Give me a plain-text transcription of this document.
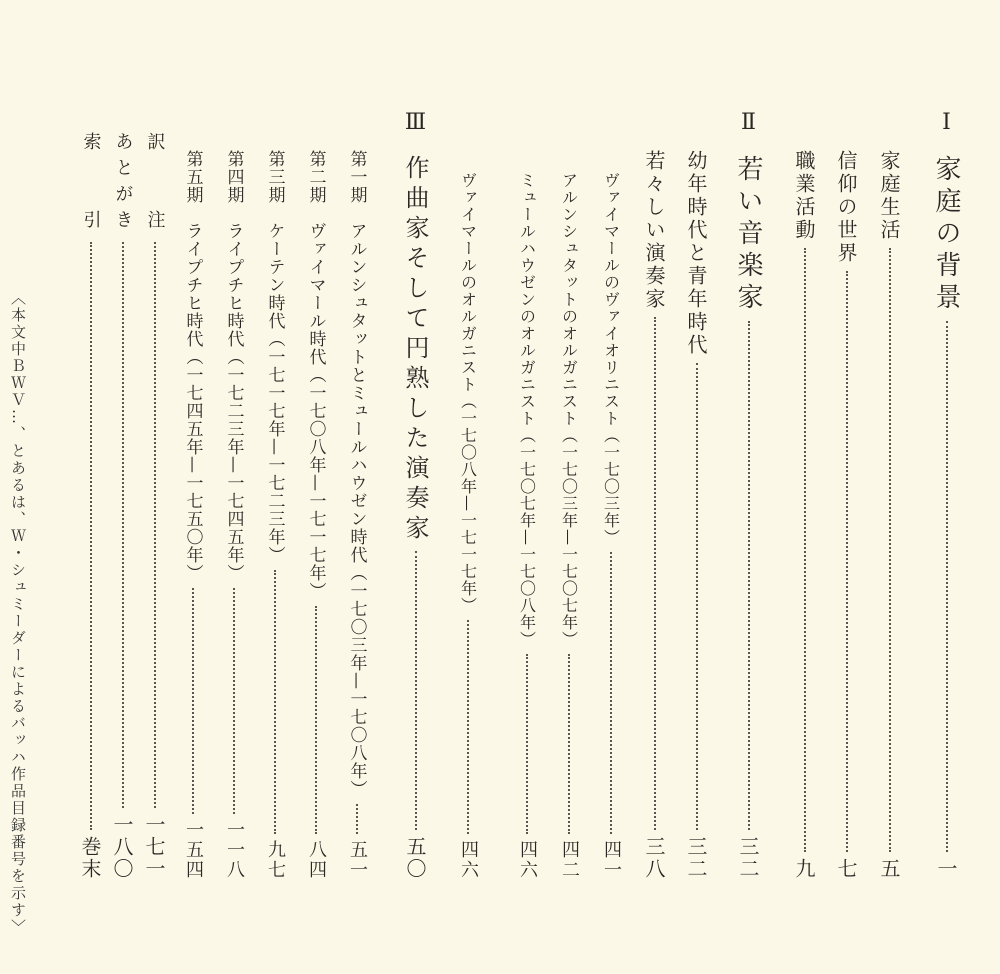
Ⅰ
家庭の背景
一
家庭生活
五
信仰の世界
七
職業活動
九
Ⅱ
若い音楽家
三二
幼年時代と青年時代
三二
若々しい演奏家
三八
ヴァイマールのヴァイオリニスト（一七〇三年）
四一
アルンシュタットのオルガニスト（一七〇三年—一七〇七年）
四二
ミュールハウゼンのオルガニスト（一七〇七年—一七〇八年）
四六
ヴァイマールのオルガニスト（一七〇八年—一七一七年）
四六
Ⅲ
作曲家そして円熟した演奏家
五〇
第一期　アルンシュタットとミュールハウゼン時代（一七〇三年—一七〇八年）
五一
第二期　ヴァイマール時代（一七〇八年—一七一七年）
八四
第三期　ケーテン時代（一七一七年—一七二三年）
九七
第四期　ライプチヒ時代（一七二三年—一七四五年）
一一八
第五期　ライプチヒ時代（一七四五年—一七五〇年）
一五四
訳　　注
一七一
あとがき
一八〇
索　　引
巻末
〈本文中ＢＷＶ…、とあるは、Ｗ・シュミーダーによるバッハ作品目録番号を示す〉
